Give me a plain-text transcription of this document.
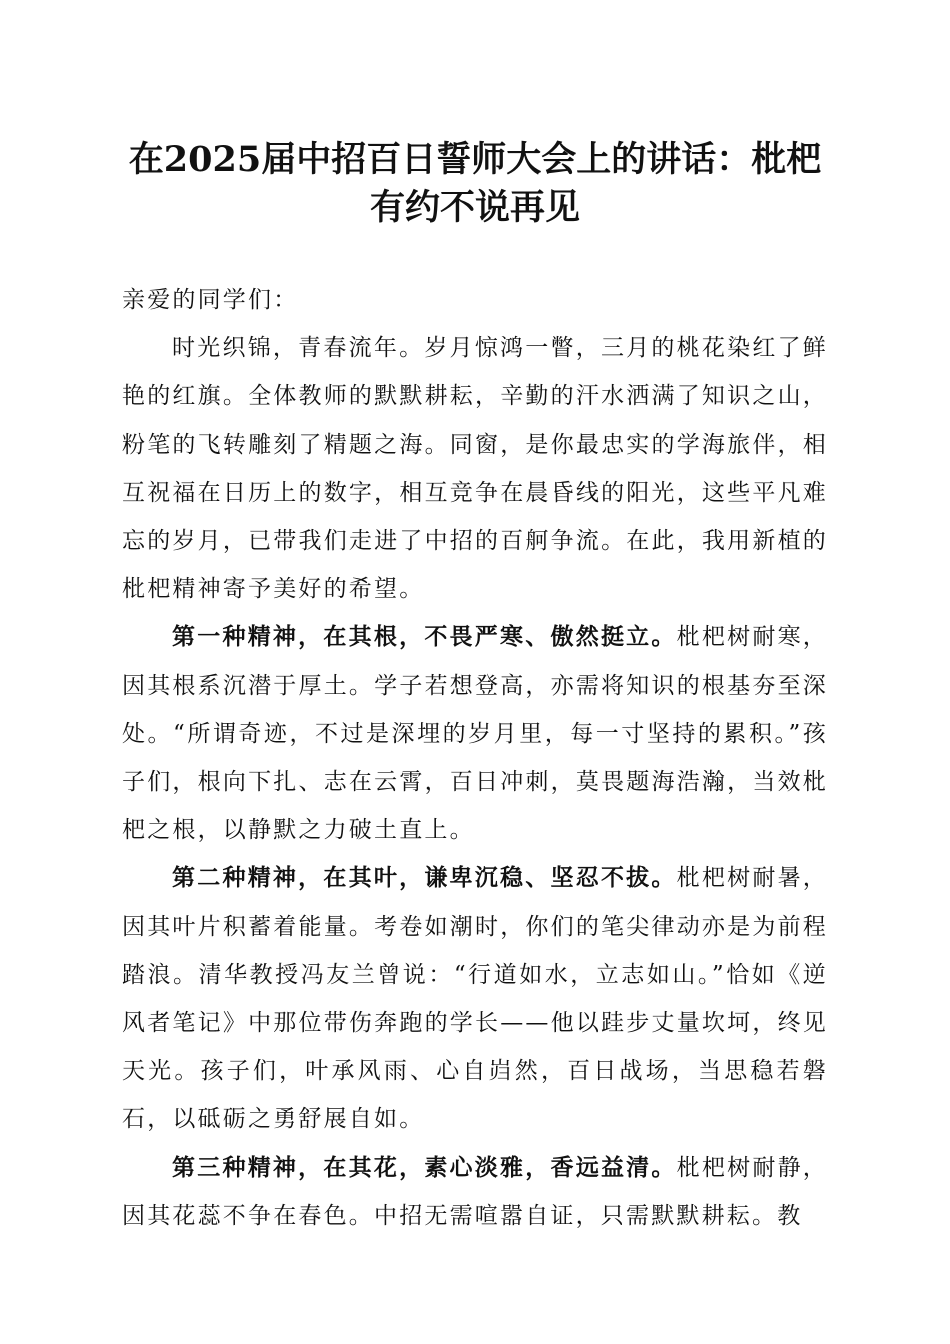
在2025届中招百日誓师大会上的讲话：枇杷
有约不说再见

亲爱的同学们：

时光织锦，青春流年。岁月惊鸿一瞥，三月的桃花染红了鲜艳的红旗。全体教师的默默耕耘，辛勤的汗水洒满了知识之山，粉笔的飞转雕刻了精题之海。同窗，是你最忠实的学海旅伴，相互祝福在日历上的数字，相互竞争在晨昏线的阳光，这些平凡难忘的岁月，已带我们走进了中招的百舸争流。在此，我用新植的枇杷精神寄予美好的希望。

第一种精神，在其根，不畏严寒、傲然挺立。枇杷树耐寒，因其根系沉潜于厚土。学子若想登高，亦需将知识的根基夯至深处。“所谓奇迹，不过是深埋的岁月里，每一寸坚持的累积。”孩子们，根向下扎、志在云霄，百日冲刺，莫畏题海浩瀚，当效枇杷之根，以静默之力破土直上。

第二种精神，在其叶，谦卑沉稳、坚忍不拔。枇杷树耐暑，因其叶片积蓄着能量。考卷如潮时，你们的笔尖律动亦是为前程踏浪。清华教授冯友兰曾说：“行道如水，立志如山。”恰如《逆风者笔记》中那位带伤奔跑的学长——他以跬步丈量坎坷，终见天光。孩子们，叶承风雨、心自岿然，百日战场，当思稳若磐石，以砥砺之勇舒展自如。

第三种精神，在其花，素心淡雅，香远益清。枇杷树耐静，因其花蕊不争在春色。中招无需喧嚣自证，只需默默耕耘。教
